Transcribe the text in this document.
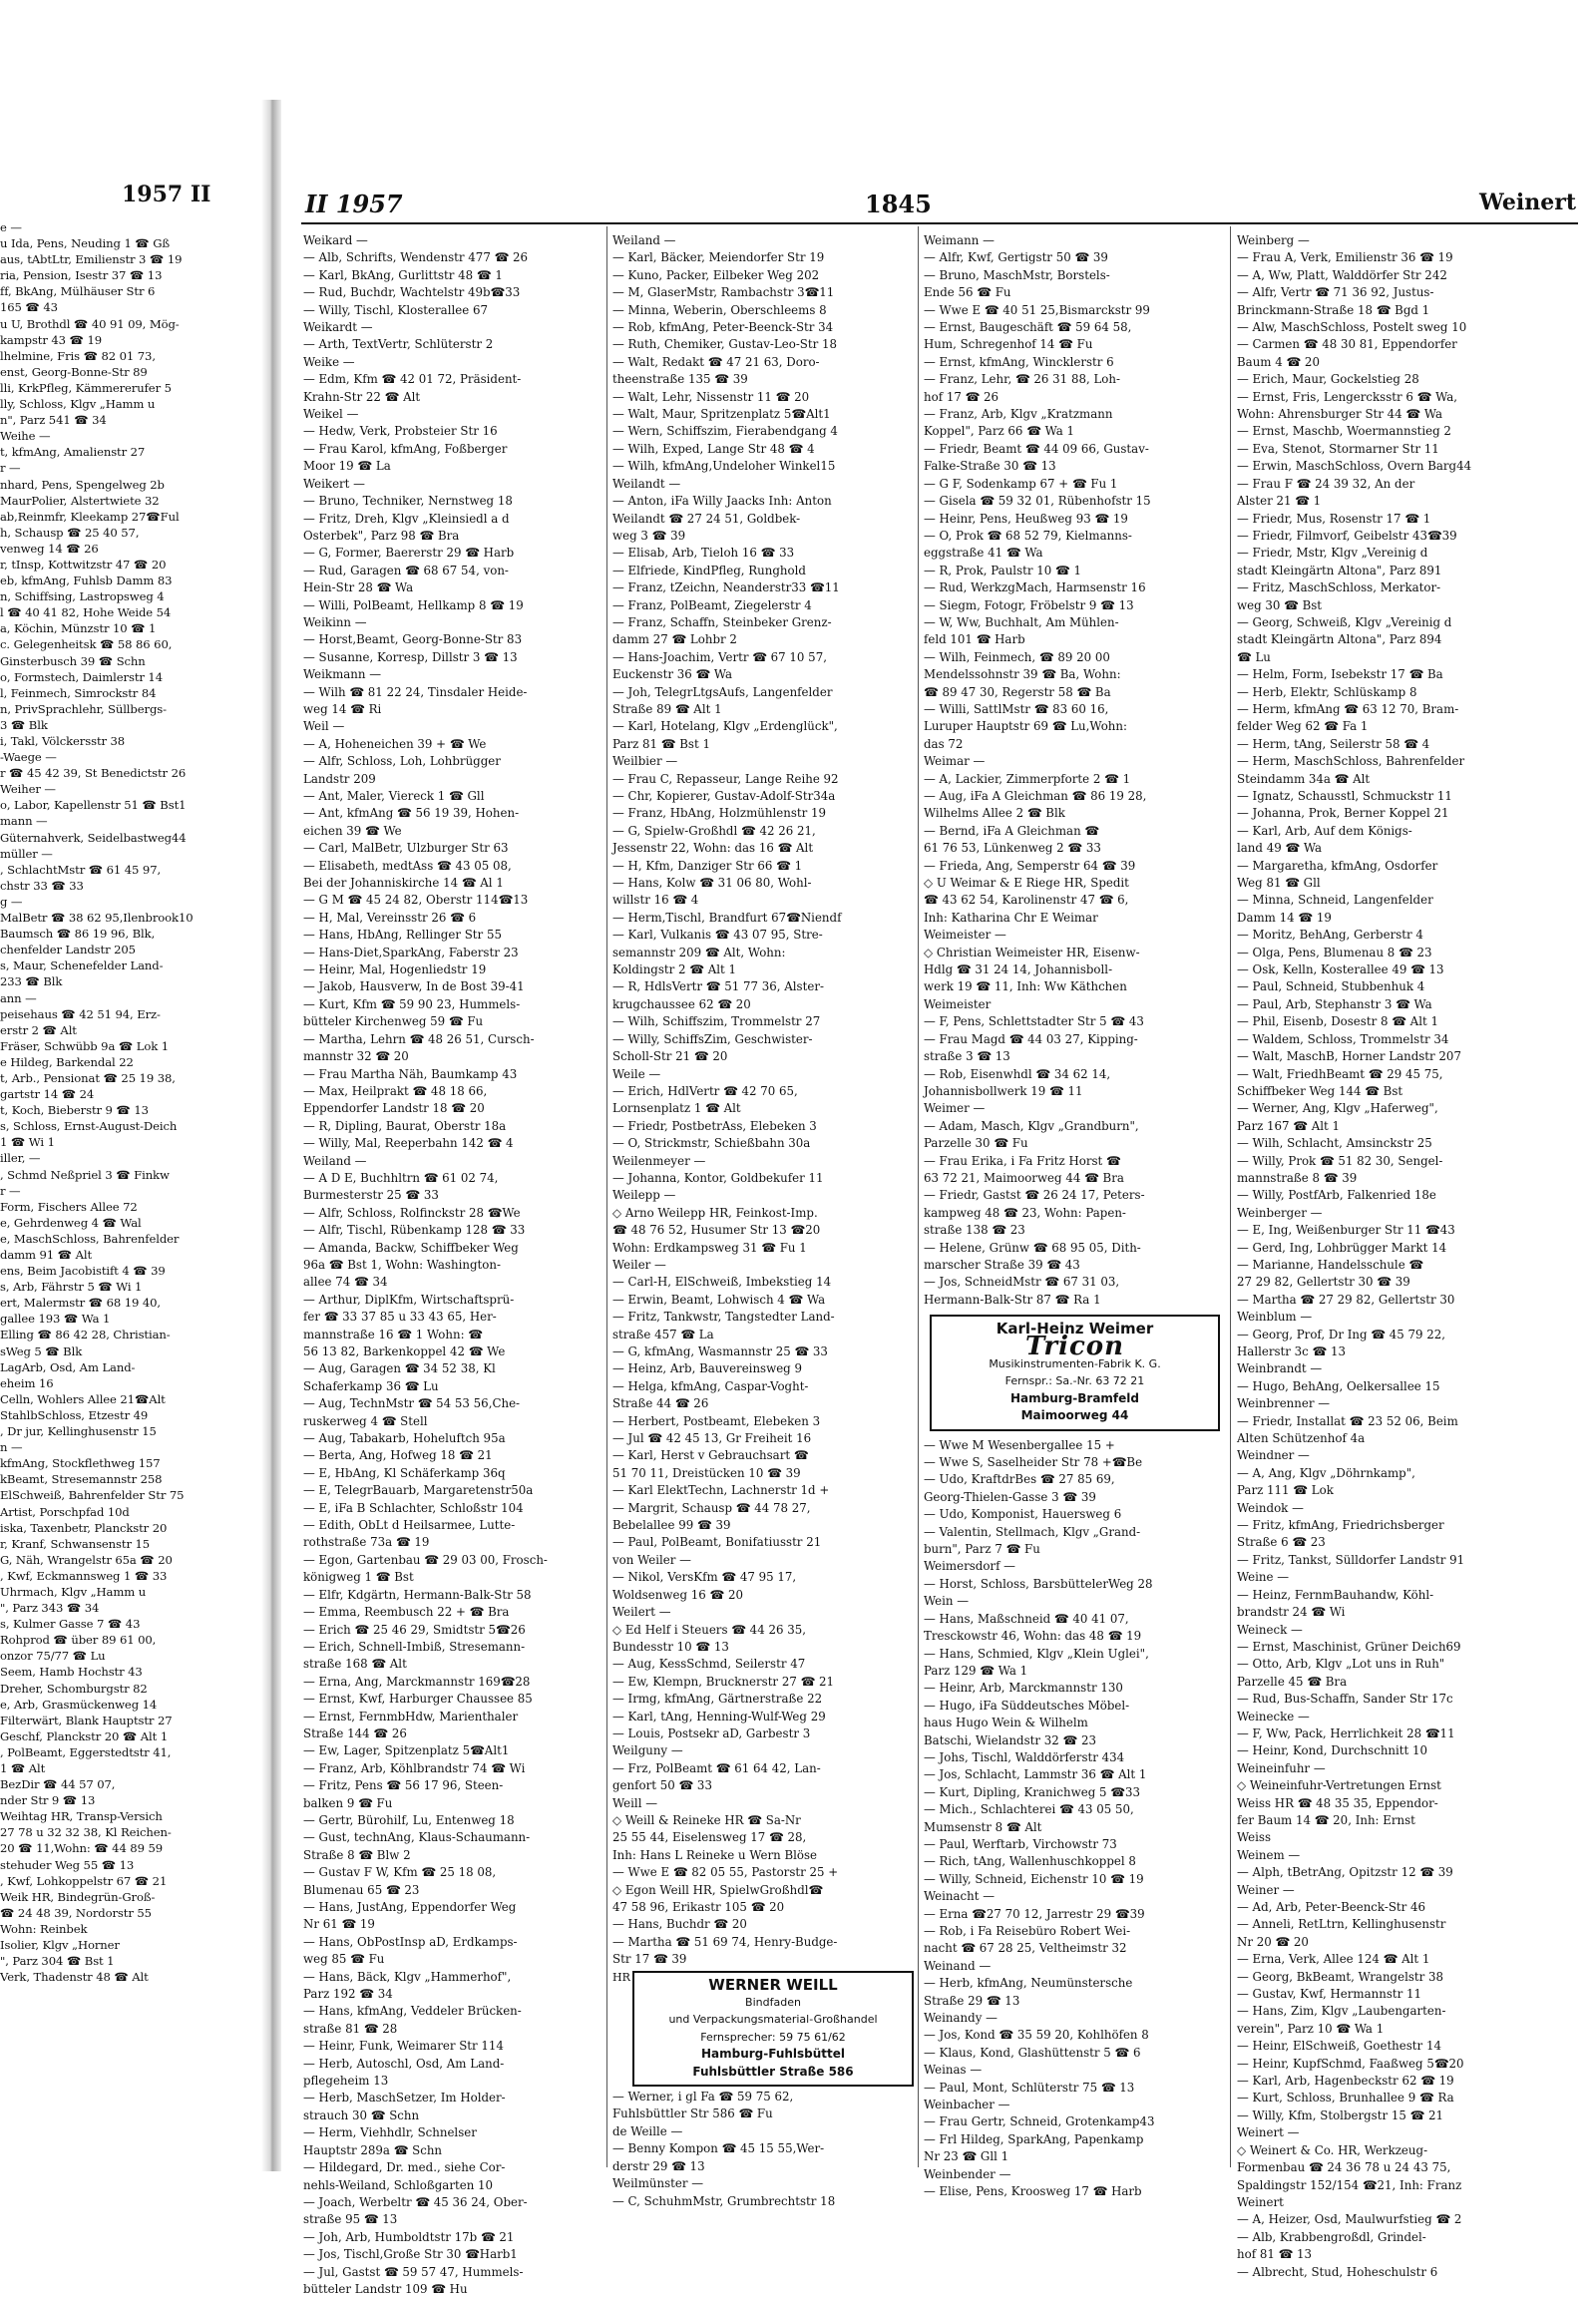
1957 II
e —
u Ida, Pens, Neuding 1 ☎ Gß
aus, tAbtLtr, Emilienstr 3 ☎ 19
ria, Pension, Isestr 37 ☎ 13
ff, BkAng, Mülhäuser Str 6
165 ☎ 43
u U, Brothdl ☎ 40 91 09, Mög-
kampstr 43 ☎ 19
lhelmine, Fris ☎ 82 01 73,
enst, Georg-Bonne-Str 89
lli, KrkPfleg, Kämmererufer 5
lly, Schloss, Klgv „Hamm u
n", Parz 541 ☎ 34
Weihe —
t, kfmAng, Amalienstr 27
r —
nhard, Pens, Spengelweg 2b
MaurPolier, Alstertwiete 32
ab,Reinmfr, Kleekamp 27☎Ful
h, Schausp ☎ 25 40 57,
venweg 14 ☎ 26
r, tInsp, Kottwitzstr 47 ☎ 20
eb, kfmAng, Fuhlsb Damm 83
n, Schiffsing, Lastropsweg 4
l ☎ 40 41 82, Hohe Weide 54
a, Köchin, Münzstr 10 ☎ 1
c. Gelegenheitsk ☎ 58 86 60,
Ginsterbusch 39 ☎ Schn
o, Formstech, Daimlerstr 14
l, Feinmech, Simrockstr 84
n, PrivSprachlehr, Süllbergs-
3 ☎ Blk
i, Takl, Völckersstr 38
-Waege —
r ☎ 45 42 39, St Benedictstr 26
Weiher —
o, Labor, Kapellenstr 51 ☎ Bst1
mann —
Güternahverk, Seidelbastweg44
müller —
, SchlachtMstr ☎ 61 45 97,
chstr 33 ☎ 33
g —
MalBetr ☎ 38 62 95,Ilenbrook10
Baumsch ☎ 86 19 96, Blk,
chenfelder Landstr 205
s, Maur, Schenefelder Land-
233 ☎ Blk
ann —
peisehaus ☎ 42 51 94, Erz-
erstr 2 ☎ Alt
Fräser, Schwübb 9a ☎ Lok 1
e Hildeg, Barkendal 22
t, Arb., Pensionat ☎ 25 19 38,
gartstr 14 ☎ 24
t, Koch, Bieberstr 9 ☎ 13
s, Schloss, Ernst-August-Deich
1 ☎ Wi 1
iller, —
, Schmd Neßpriel 3 ☎ Finkw
r —
Form, Fischers Allee 72
e, Gehrdenweg 4 ☎ Wal
e, MaschSchloss, Bahrenfelder
damm 91 ☎ Alt
ens, Beim Jacobistift 4 ☎ 39
s, Arb, Fährstr 5 ☎ Wi 1
ert, Malermstr ☎ 68 19 40,
gallee 193 ☎ Wa 1
Elling ☎ 86 42 28, Christian-
sWeg 5 ☎ Blk
LagArb, Osd, Am Land-
eheim 16
Celln, Wohlers Allee 21☎Alt
StahlbSchloss, Etzestr 49
, Dr jur, Kellinghusenstr 15
n —
kfmAng, Stockflethweg 157
kBeamt, Stresemannstr 258
ElSchweiß, Bahrenfelder Str 75
Artist, Porschpfad 10d
iska, Taxenbetr, Planckstr 20
r, Kranf, Schwansenstr 15
G, Näh, Wrangelstr 65a ☎ 20
, Kwf, Eckmannsweg 1 ☎ 33
Uhrmach, Klgv „Hamm u
", Parz 343 ☎ 34
s, Kulmer Gasse 7 ☎ 43
Rohprod ☎ über 89 61 00,
onzor 75/77 ☎ Lu
Seem, Hamb Hochstr 43
Dreher, Schomburgstr 82
e, Arb, Grasmückenweg 14
Filterwärt, Blank Hauptstr 27
Geschf, Planckstr 20 ☎ Alt 1
, PolBeamt, Eggerstedtstr 41,
1 ☎ Alt
BezDir ☎ 44 57 07,
nder Str 9 ☎ 13
Weihtag HR, Transp-Versich
27 78 u 32 32 38, Kl Reichen-
20 ☎ 11,Wohn: ☎ 44 89 59
stehuder Weg 55 ☎ 13
, Kwf, Lohkoppelstr 67 ☎ 21
Weik HR, Bindegrün-Groß-
☎ 24 48 39, Nordorstr 55
Wohn: Reinbek
Isolier, Klgv „Horner
", Parz 304 ☎ Bst 1
Verk, Thadenstr 48 ☎ Alt
II 1957	1845	Weinert
Weikard —
— Alb, Schrifts, Wendenstr 477 ☎ 26
— Karl, BkAng, Gurlittstr 48 ☎ 1
— Rud, Buchdr, Wachtelstr 49b☎33
— Willy, Tischl, Klosterallee 67
Weikardt —
— Arth, TextVertr, Schlüterstr 2
Weike —
— Edm, Kfm ☎ 42 01 72, Präsident-
Krahn-Str 22 ☎ Alt
Weikel —
— Hedw, Verk, Probsteier Str 16
— Frau Karol, kfmAng, Foßberger
Moor 19 ☎ La
Weikert —
— Bruno, Techniker, Nernstweg 18
— Fritz, Dreh, Klgv „Kleinsiedl a d
Osterbek", Parz 98 ☎ Bra
— G, Former, Baererstr 29 ☎ Harb
— Rud, Garagen ☎ 68 67 54, von-
Hein-Str 28 ☎ Wa
— Willi, PolBeamt, Hellkamp 8 ☎ 19
Weikinn —
— Horst,Beamt, Georg-Bonne-Str 83
— Susanne, Korresp, Dillstr 3 ☎ 13
Weikmann —
— Wilh ☎ 81 22 24, Tinsdaler Heide-
weg 14 ☎ Ri
Weil —
— A, Hoheneichen 39 + ☎ We
— Alfr, Schloss, Loh, Lohbrügger
Landstr 209
— Ant, Maler, Viereck 1 ☎ Gll
— Ant, kfmAng ☎ 56 19 39, Hohen-
eichen 39 ☎ We
— Carl, MalBetr, Ulzburger Str 63
— Elisabeth, medtAss ☎ 43 05 08,
Bei der Johanniskirche 14 ☎ Al 1
— G M ☎ 45 24 82, Oberstr 114☎13
— H, Mal, Vereinsstr 26 ☎ 6
— Hans, HbAng, Rellinger Str 55
— Hans-Diet,SparkAng, Faberstr 23
— Heinr, Mal, Hogenliedstr 19
— Jakob, Hausverw, In de Bost 39-41
— Kurt, Kfm ☎ 59 90 23, Hummels-
bütteler Kirchenweg 59 ☎ Fu
— Martha, Lehrn ☎ 48 26 51, Cursch-
mannstr 32 ☎ 20
— Frau Martha Näh, Baumkamp 43
— Max, Heilprakt ☎ 48 18 66,
Eppendorfer Landstr 18 ☎ 20
— R, Dipling, Baurat, Oberstr 18a
— Willy, Mal, Reeperbahn 142 ☎ 4
Weiland —
— A D E, Buchhltrn ☎ 61 02 74,
Burmesterstr 25 ☎ 33
— Alfr, Schloss, Rolfinckstr 28 ☎We
— Alfr, Tischl, Rübenkamp 128 ☎ 33
— Amanda, Backw, Schiffbeker Weg
96a ☎ Bst 1, Wohn: Washington-
allee 74 ☎ 34
— Arthur, DiplKfm, Wirtschaftsprü-
fer ☎ 33 37 85 u 33 43 65, Her-
mannstraße 16 ☎ 1 Wohn: ☎
56 13 82, Barkenkoppel 42 ☎ We
— Aug, Garagen ☎ 34 52 38, Kl
Schaferkamp 36 ☎ Lu
— Aug, TechnMstr ☎ 54 53 56,Che-
ruskerweg 4 ☎ Stell
— Aug, Tabakarb, Hoheluftch 95a
— Berta, Ang, Hofweg 18 ☎ 21
— E, HbAng, Kl Schäferkamp 36q
— E, TelegrBauarb, Margaretenstr50a
— E, iFa B Schlachter, Schloßstr 104
— Edith, ObLt d Heilsarmee, Lutte-
rothstraße 73a ☎ 19
— Egon, Gartenbau ☎ 29 03 00, Frosch-
königweg 1 ☎ Bst
— Elfr, Kdgärtn, Hermann-Balk-Str 58
— Emma, Reembusch 22 + ☎ Bra
— Erich ☎ 25 46 29, Smidtstr 5☎26
— Erich, Schnell-Imbiß, Stresemann-
straße 168 ☎ Alt
— Erna, Ang, Marckmannstr 169☎28
— Ernst, Kwf, Harburger Chaussee 85
— Ernst, FernmbHdw, Marienthaler
Straße 144 ☎ 26
— Ew, Lager, Spitzenplatz 5☎Alt1
— Franz, Arb, Köhlbrandstr 74 ☎ Wi
— Fritz, Pens ☎ 56 17 96, Steen-
balken 9 ☎ Fu
— Gertr, Bürohilf, Lu, Entenweg 18
— Gust, technAng, Klaus-Schaumann-
Straße 8 ☎ Blw 2
— Gustav F W, Kfm ☎ 25 18 08,
Blumenau 65 ☎ 23
— Hans, JustAng, Eppendorfer Weg
Nr 61 ☎ 19
— Hans, ObPostInsp aD, Erdkamps-
weg 85 ☎ Fu
— Hans, Bäck, Klgv „Hammerhof",
Parz 192 ☎ 34
— Hans, kfmAng, Veddeler Brücken-
straße 81 ☎ 28
— Heinr, Funk, Weimarer Str 114
— Herb, Autoschl, Osd, Am Land-
pflegeheim 13
— Herb, MaschSetzer, Im Holder-
strauch 30 ☎ Schn
— Herm, Viehhdlr, Schnelser
Hauptstr 289a ☎ Schn
— Hildegard, Dr. med., siehe Cor-
nehls-Weiland, Schloßgarten 10
— Joach, Werbeltr ☎ 45 36 24, Ober-
straße 95 ☎ 13
— Joh, Arb, Humboldtstr 17b ☎ 21
— Jos, Tischl,Große Str 30 ☎Harb1
— Jul, Gastst ☎ 59 57 47, Hummels-
bütteler Landstr 109 ☎ Hu
Weiland —
— Karl, Bäcker, Meiendorfer Str 19
— Kuno, Packer, Eilbeker Weg 202
— M, GlaserMstr, Rambachstr 3☎11
— Minna, Weberin, Oberschleems 8
— Rob, kfmAng, Peter-Beenck-Str 34
— Ruth, Chemiker, Gustav-Leo-Str 18
— Walt, Redakt ☎ 47 21 63, Doro-
theenstraße 135 ☎ 39
— Walt, Lehr, Nissenstr 11 ☎ 20
— Walt, Maur, Spritzenplatz 5☎Alt1
— Wern, Schiffszim, Fierabendgang 4
— Wilh, Exped, Lange Str 48 ☎ 4
— Wilh, kfmAng,Undeloher Winkel15
Weilandt —
— Anton, iFa Willy Jaacks Inh: Anton
Weilandt ☎ 27 24 51, Goldbek-
weg 3 ☎ 39
— Elisab, Arb, Tieloh 16 ☎ 33
— Elfriede, KindPfleg, Runghold
— Franz, tZeichn, Neanderstr33 ☎11
— Franz, PolBeamt, Ziegelerstr 4
— Franz, Schaffn, Steinbeker Grenz-
damm 27 ☎ Lohbr 2
— Hans-Joachim, Vertr ☎ 67 10 57,
Euckenstr 36 ☎ Wa
— Joh, TelegrLtgsAufs, Langenfelder
Straße 89 ☎ Alt 1
— Karl, Hotelang, Klgv „Erdenglück",
Parz 81 ☎ Bst 1
Weilbier —
— Frau C, Repasseur, Lange Reihe 92
— Chr, Kopierer, Gustav-Adolf-Str34a
— Franz, HbAng, Holzmühlenstr 19
— G, Spielw-Großhdl ☎ 42 26 21,
Jessenstr 22, Wohn: das 16 ☎ Alt
— H, Kfm, Danziger Str 66 ☎ 1
— Hans, Kolw ☎ 31 06 80, Wohl-
willstr 16 ☎ 4
— Herm,Tischl, Brandfurt 67☎Niendf
— Karl, Vulkanis ☎ 43 07 95, Stre-
semannstr 209 ☎ Alt, Wohn:
Koldingstr 2 ☎ Alt 1
— R, HdlsVertr ☎ 51 77 36, Alster-
krugchaussee 62 ☎ 20
— Wilh, Schiffszim, Trommelstr 27
— Willy, SchiffsZim, Geschwister-
Scholl-Str 21 ☎ 20
Weile —
— Erich, HdlVertr ☎ 42 70 65,
Lornsenplatz 1 ☎ Alt
— Friedr, PostbetrAss, Elebeken 3
— O, Strickmstr, Schießbahn 30a
Weilenmeyer —
— Johanna, Kontor, Goldbekufer 11
Weilepp —
◇ Arno Weilepp HR, Feinkost-Imp.
☎ 48 76 52, Husumer Str 13 ☎20
Wohn: Erdkampsweg 31 ☎ Fu 1
Weiler —
— Carl-H, ElSchweiß, Imbekstieg 14
— Erwin, Beamt, Lohwisch 4 ☎ Wa
— Fritz, Tankwstr, Tangstedter Land-
straße 457 ☎ La
— G, kfmAng, Wasmannstr 25 ☎ 33
— Heinz, Arb, Bauvereinsweg 9
— Helga, kfmAng, Caspar-Voght-
Straße 44 ☎ 26
— Herbert, Postbeamt, Elebeken 3
— Jul ☎ 42 45 13, Gr Freiheit 16
— Karl, Herst v Gebrauchsart ☎
51 70 11, Dreistücken 10 ☎ 39
— Karl ElektTechn, Lachnerstr 1d +
— Margrit, Schausp ☎ 44 78 27,
Bebelallee 99 ☎ 39
— Paul, PolBeamt, Bonifatiusstr 21
von Weiler —
— Nikol, VersKfm ☎ 47 95 17,
Woldsenweg 16 ☎ 20
Weilert —
◇ Ed Helf i Steuers ☎ 44 26 35,
Bundesstr 10 ☎ 13
— Aug, KessSchmd, Seilerstr 47
— Ew, Klempn, Brucknerstr 27 ☎ 21
— Irmg, kfmAng, Gärtnerstraße 22
— Karl, tAng, Henning-Wulf-Weg 29
— Louis, Postsekr aD, Garbestr 3
Weilguny —
— Frz, PolBeamt ☎ 61 64 42, Lan-
genfort 50 ☎ 33
Weill —
◇ Weill & Reineke HR ☎ Sa-Nr
25 55 44, Eiselensweg 17 ☎ 28,
Inh: Hans L Reineke u Wern Blöse
— Wwe E ☎ 82 05 55, Pastorstr 25 +
◇ Egon Weill HR, SpielwGroßhdl☎
47 58 96, Erikastr 105 ☎ 20
— Hans, Buchdr ☎ 20
— Martha ☎ 51 69 74, Henry-Budge-
Str 17 ☎ 39
HR	WERNER WEILL
Bindfaden
und Verpackungsmaterial-Großhandel
Fernsprecher: 59 75 61/62
Hamburg-Fuhlsbüttel
Fuhlsbüttler Straße 586
— Werner, i gl Fa ☎ 59 75 62,
Fuhlsbüttler Str 586 ☎ Fu
de Weille —
— Benny Kompon ☎ 45 15 55,Wer-
derstr 29 ☎ 13
Weilmünster —
— C, SchuhmMstr, Grumbrechtstr 18
Weimann —
— Alfr, Kwf, Gertigstr 50 ☎ 39
— Bruno, MaschMstr, Borstels-
Ende 56 ☎ Fu
— Wwe E ☎ 40 51 25,Bismarckstr 99
— Ernst, Baugeschäft ☎ 59 64 58,
Hum, Schregenhof 14 ☎ Fu
— Ernst, kfmAng, Wincklerstr 6
— Franz, Lehr, ☎ 26 31 88, Loh-
hof 17 ☎ 26
— Franz, Arb, Klgv „Kratzmann
Koppel", Parz 66 ☎ Wa 1
— Friedr, Beamt ☎ 44 09 66, Gustav-
Falke-Straße 30 ☎ 13
— G F, Sodenkamp 67 + ☎ Fu 1
— Gisela ☎ 59 32 01, Rübenhofstr 15
— Heinr, Pens, Heußweg 93 ☎ 19
— O, Prok ☎ 68 52 79, Kielmanns-
eggstraße 41 ☎ Wa
— R, Prok, Paulstr 10 ☎ 1
— Rud, WerkzgMach, Harmsenstr 16
— Siegm, Fotogr, Fröbelstr 9 ☎ 13
— W, Ww, Buchhalt, Am Mühlen-
feld 101 ☎ Harb
— Wilh, Feinmech, ☎ 89 20 00
Mendelssohnstr 39 ☎ Ba, Wohn:
☎ 89 47 30, Regerstr 58 ☎ Ba
— Willi, SattlMstr ☎ 83 60 16,
Luruper Hauptstr 69 ☎ Lu,Wohn:
das 72
Weimar —
— A, Lackier, Zimmerpforte 2 ☎ 1
— Aug, iFa A Gleichman ☎ 86 19 28,
Wilhelms Allee 2 ☎ Blk
— Bernd, iFa A Gleichman ☎
61 76 53, Lünkenweg 2 ☎ 33
— Frieda, Ang, Semperstr 64 ☎ 39
◇ U Weimar & E Riege HR, Spedit
☎ 43 62 54, Karolinenstr 47 ☎ 6,
Inh: Katharina Chr E Weimar
Weimeister —
◇ Christian Weimeister HR, Eisenw-
Hdlg ☎ 31 24 14, Johannisboll-
werk 19 ☎ 11, Inh: Ww Käthchen
Weimeister
— F, Pens, Schlettstadter Str 5 ☎ 43
— Frau Magd ☎ 44 03 27, Kipping-
straße 3 ☎ 13
— Rob, Eisenwhdl ☎ 34 62 14,
Johannisbollwerk 19 ☎ 11
Weimer —
— Adam, Masch, Klgv „Grandburn",
Parzelle 30 ☎ Fu
— Frau Erika, i Fa Fritz Horst ☎
63 72 21, Maimoorweg 44 ☎ Bra
— Friedr, Gastst ☎ 26 24 17, Peters-
kampweg 48 ☎ 23, Wohn: Papen-
straße 138 ☎ 23
— Helene, Grünw ☎ 68 95 05, Dith-
marscher Straße 39 ☎ 43
— Jos, SchneidMstr ☎ 67 31 03,
Hermann-Balk-Str 87 ☎ Ra 1
Karl-Heinz Weimer
Tricon
Musikinstrumenten-Fabrik K. G.
Fernspr.: Sa.-Nr. 63 72 21
Hamburg-Bramfeld
Maimoorweg 44
— Wwe M Wesenbergallee 15 +
— Wwe S, Saselheider Str 78 +☎Be
— Udo, KraftdrBes ☎ 27 85 69,
Georg-Thielen-Gasse 3 ☎ 39
— Udo, Komponist, Hauersweg 6
— Valentin, Stellmach, Klgv „Grand-
burn", Parz 7 ☎ Fu
Weimersdorf —
— Horst, Schloss, BarsbüttelerWeg 28
Wein —
— Hans, Maßschneid ☎ 40 41 07,
Tresckowstr 46, Wohn: das 48 ☎ 19
— Hans, Schmied, Klgv „Klein Uglei",
Parz 129 ☎ Wa 1
— Heinr, Arb, Marckmannstr 130
— Hugo, iFa Süddeutsches Möbel-
haus Hugo Wein & Wilhelm
Batschi, Wielandstr 32 ☎ 23
— Johs, Tischl, Walddörferstr 434
— Jos, Schlacht, Lammstr 36 ☎ Alt 1
— Kurt, Dipling, Kranichweg 5 ☎33
— Mich., Schlachterei ☎ 43 05 50,
Mumsenstr 8 ☎ Alt
— Paul, Werftarb, Virchowstr 73
— Rich, tAng, Wallenhuschkoppel 8
— Willy, Schneid, Eichenstr 10 ☎ 19
Weinacht —
— Erna ☎27 70 12, Jarrestr 29 ☎39
— Rob, i Fa Reisebüro Robert Wei-
nacht ☎ 67 28 25, Veltheimstr 32
Weinand —
— Herb, kfmAng, Neumünstersche
Straße 29 ☎ 13
Weinandy —
— Jos, Kond ☎ 35 59 20, Kohlhöfen 8
— Klaus, Kond, Glashüttenstr 5 ☎ 6
Weinas —
— Paul, Mont, Schlüterstr 75 ☎ 13
Weinbacher —
— Frau Gertr, Schneid, Grotenkamp43
— Frl Hildeg, SparkAng, Papenkamp
Nr 23 ☎ Gll 1
Weinbender —
— Elise, Pens, Kroosweg 17 ☎ Harb
Weinberg —
— Frau A, Verk, Emilienstr 36 ☎ 19
— A, Ww, Platt, Walddörfer Str 242
— Alfr, Vertr ☎ 71 36 92, Justus-
Brinckmann-Straße 18 ☎ Bgd 1
— Alw, MaschSchloss, Postelt sweg 10
— Carmen ☎ 48 30 81, Eppendorfer
Baum 4 ☎ 20
— Erich, Maur, Gockelstieg 28
— Ernst, Fris, Lengercksstr 6 ☎ Wa,
Wohn: Ahrensburger Str 44 ☎ Wa
— Ernst, Maschb, Woermannstieg 2
— Eva, Stenot, Stormarner Str 11
— Erwin, MaschSchloss, Overn Barg44
— Frau F ☎ 24 39 32, An der
Alster 21 ☎ 1
— Friedr, Mus, Rosenstr 17 ☎ 1
— Friedr, Filmvorf, Geibelstr 43☎39
— Friedr, Mstr, Klgv „Vereinig d
stadt Kleingärtn Altona", Parz 891
— Fritz, MaschSchloss, Merkator-
weg 30 ☎ Bst
— Georg, Schweiß, Klgv „Vereinig d
stadt Kleingärtn Altona", Parz 894
☎ Lu
— Helm, Form, Isebekstr 17 ☎ Ba
— Herb, Elektr, Schlüskamp 8
— Herm, kfmAng ☎ 63 12 70, Bram-
felder Weg 62 ☎ Fa 1
— Herm, tAng, Seilerstr 58 ☎ 4
— Herm, MaschSchloss, Bahrenfelder
Steindamm 34a ☎ Alt
— Ignatz, Schausstl, Schmuckstr 11
— Johanna, Prok, Berner Koppel 21
— Karl, Arb, Auf dem Königs-
land 49 ☎ Wa
— Margaretha, kfmAng, Osdorfer
Weg 81 ☎ Gll
— Minna, Schneid, Langenfelder
Damm 14 ☎ 19
— Moritz, BehAng, Gerberstr 4
— Olga, Pens, Blumenau 8 ☎ 23
— Osk, Kelln, Kosterallee 49 ☎ 13
— Paul, Schneid, Stubbenhuk 4
— Paul, Arb, Stephanstr 3 ☎ Wa
— Phil, Eisenb, Dosestr 8 ☎ Alt 1
— Waldem, Schloss, Trommelstr 34
— Walt, MaschB, Horner Landstr 207
— Walt, FriedhBeamt ☎ 29 45 75,
Schiffbeker Weg 144 ☎ Bst
— Werner, Ang, Klgv „Haferweg",
Parz 167 ☎ Alt 1
— Wilh, Schlacht, Amsinckstr 25
— Willy, Prok ☎ 51 82 30, Sengel-
mannstraße 8 ☎ 39
— Willy, PostfArb, Falkenried 18e
Weinberger —
— E, Ing, Weißenburger Str 11 ☎43
— Gerd, Ing, Lohbrügger Markt 14
— Marianne, Handelsschule ☎
27 29 82, Gellertstr 30 ☎ 39
— Martha ☎ 27 29 82, Gellertstr 30
Weinblum —
— Georg, Prof, Dr Ing ☎ 45 79 22,
Hallerstr 3c ☎ 13
Weinbrandt —
— Hugo, BehAng, Oelkersallee 15
Weinbrenner —
— Friedr, Installat ☎ 23 52 06, Beim
Alten Schützenhof 4a
Weindner —
— A, Ang, Klgv „Döhrnkamp",
Parz 111 ☎ Lok
Weindok —
— Fritz, kfmAng, Friedrichsberger
Straße 6 ☎ 23
— Fritz, Tankst, Sülldorfer Landstr 91
Weine —
— Heinz, FernmBauhandw, Köhl-
brandstr 24 ☎ Wi
Weineck —
— Ernst, Maschinist, Grüner Deich69
— Otto, Arb, Klgv „Lot uns in Ruh"
Parzelle 45 ☎ Bra
— Rud, Bus-Schaffn, Sander Str 17c
Weinecke —
— F, Ww, Pack, Herrlichkeit 28 ☎11
— Heinr, Kond, Durchschnitt 10
Weineinfuhr —
◇ Weineinfuhr-Vertretungen Ernst
Weiss HR ☎ 48 35 35, Eppendor-
fer Baum 14 ☎ 20, Inh: Ernst
Weiss
Weinem —
— Alph, tBetrAng, Opitzstr 12 ☎ 39
Weiner —
— Ad, Arb, Peter-Beenck-Str 46
— Anneli, RetLtrn, Kellinghusenstr
Nr 20 ☎ 20
— Erna, Verk, Allee 124 ☎ Alt 1
— Georg, BkBeamt, Wrangelstr 38
— Gustav, Kwf, Hermannstr 11
— Hans, Zim, Klgv „Laubengarten-
verein", Parz 10 ☎ Wa 1
— Heinr, ElSchweiß, Goethestr 14
— Heinr, KupfSchmd, Faaßweg 5☎20
— Karl, Arb, Hagenbeckstr 62 ☎ 19
— Kurt, Schloss, Brunhallee 9 ☎ Ra
— Willy, Kfm, Stolbergstr 15 ☎ 21
Weinert —
◇ Weinert & Co. HR, Werkzeug-
Formenbau ☎ 24 36 78 u 24 43 75,
Spaldingstr 152/154 ☎21, Inh: Franz
Weinert
— A, Heizer, Osd, Maulwurfstieg ☎ 2
— Alb, Krabbengroßdl, Grindel-
hof 81 ☎ 13
— Albrecht, Stud, Hoheschulstr 6
